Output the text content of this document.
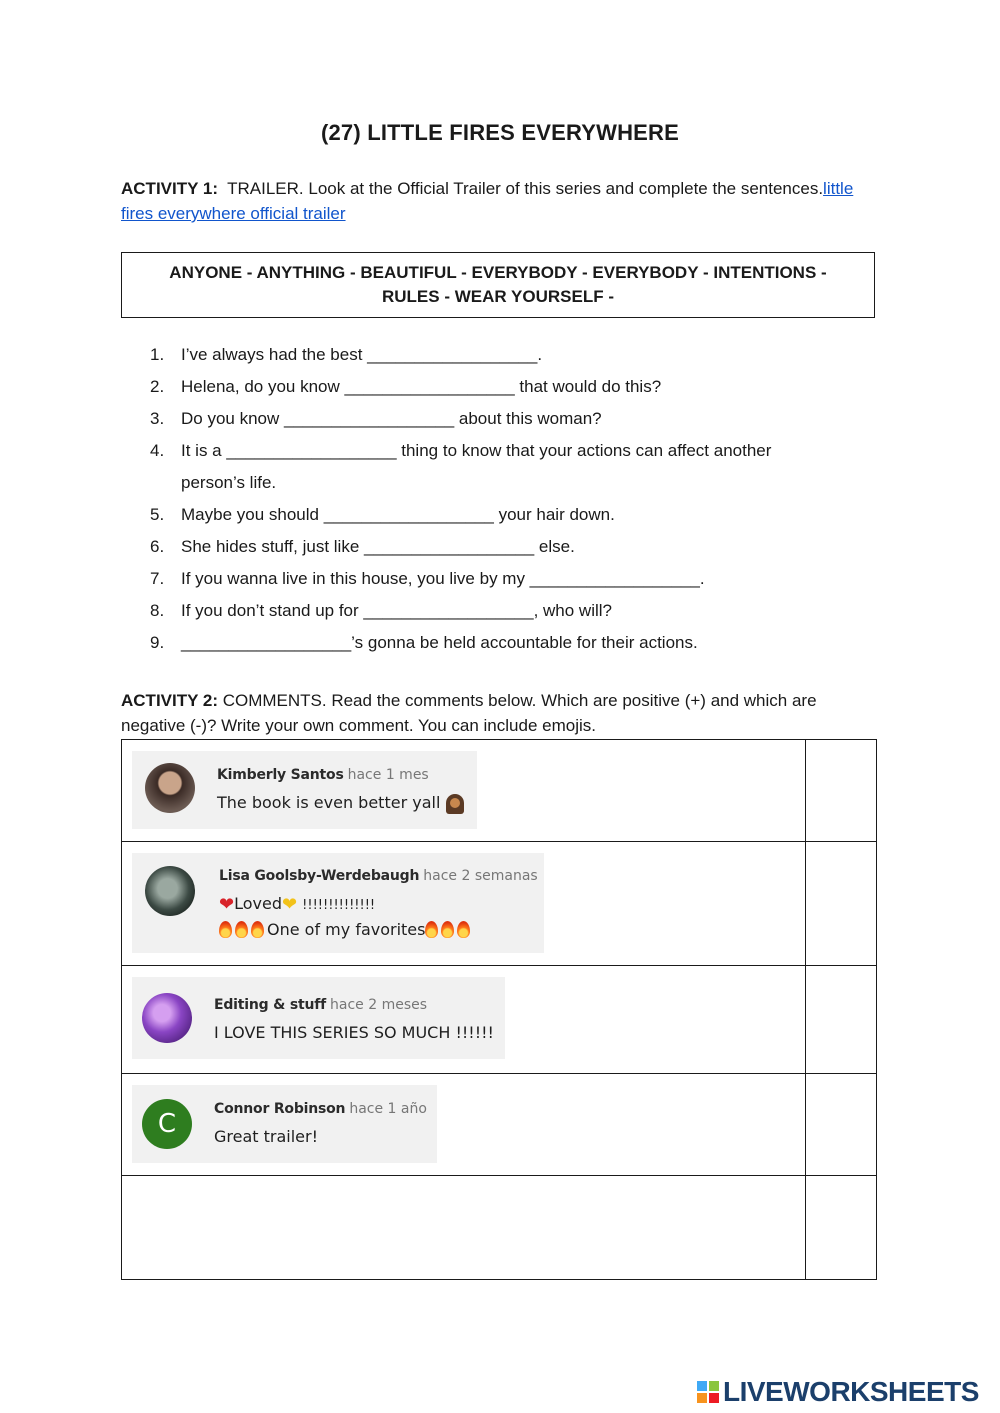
(27) LITTLE FIRES EVERYWHERE
ACTIVITY 1: TRAILER. Look at the Official Trailer of this series and complete the sentences.little fires everywhere official trailer
ANYONE - ANYTHING - BEAUTIFUL - EVERYBODY - EVERYBODY - INTENTIONS - RULES - WEAR YOURSELF -
1. I’ve always had the best __________________.
2. Helena, do you know __________________ that would do this?
3. Do you know __________________ about this woman?
4. It is a __________________ thing to know that your actions can affect another person’s life.
5. Maybe you should __________________ your hair down.
6. She hides stuff, just like __________________ else.
7. If you wanna live in this house, you live by my __________________.
8. If you don’t stand up for __________________, who will?
9. __________________’s gonna be held accountable for their actions.
ACTIVITY 2: COMMENTS. Read the comments below. Which are positive (+) and which are negative (-)? Write your own comment. You can include emojis.
Kimberly Santos hace 1 mes
The book is even better yall	

Lisa Goolsby-Werdebaugh hace 2 semanas
❤Loved❤ !!!!!!!!!!!!!!
One of my favorites	

Editing & stuff hace 2 meses
I LOVE THIS SERIES SO MUCH !!!!!!	

C Connor Robinson hace 1 año
Great trailer!	

LIVEWORKSHEETS
